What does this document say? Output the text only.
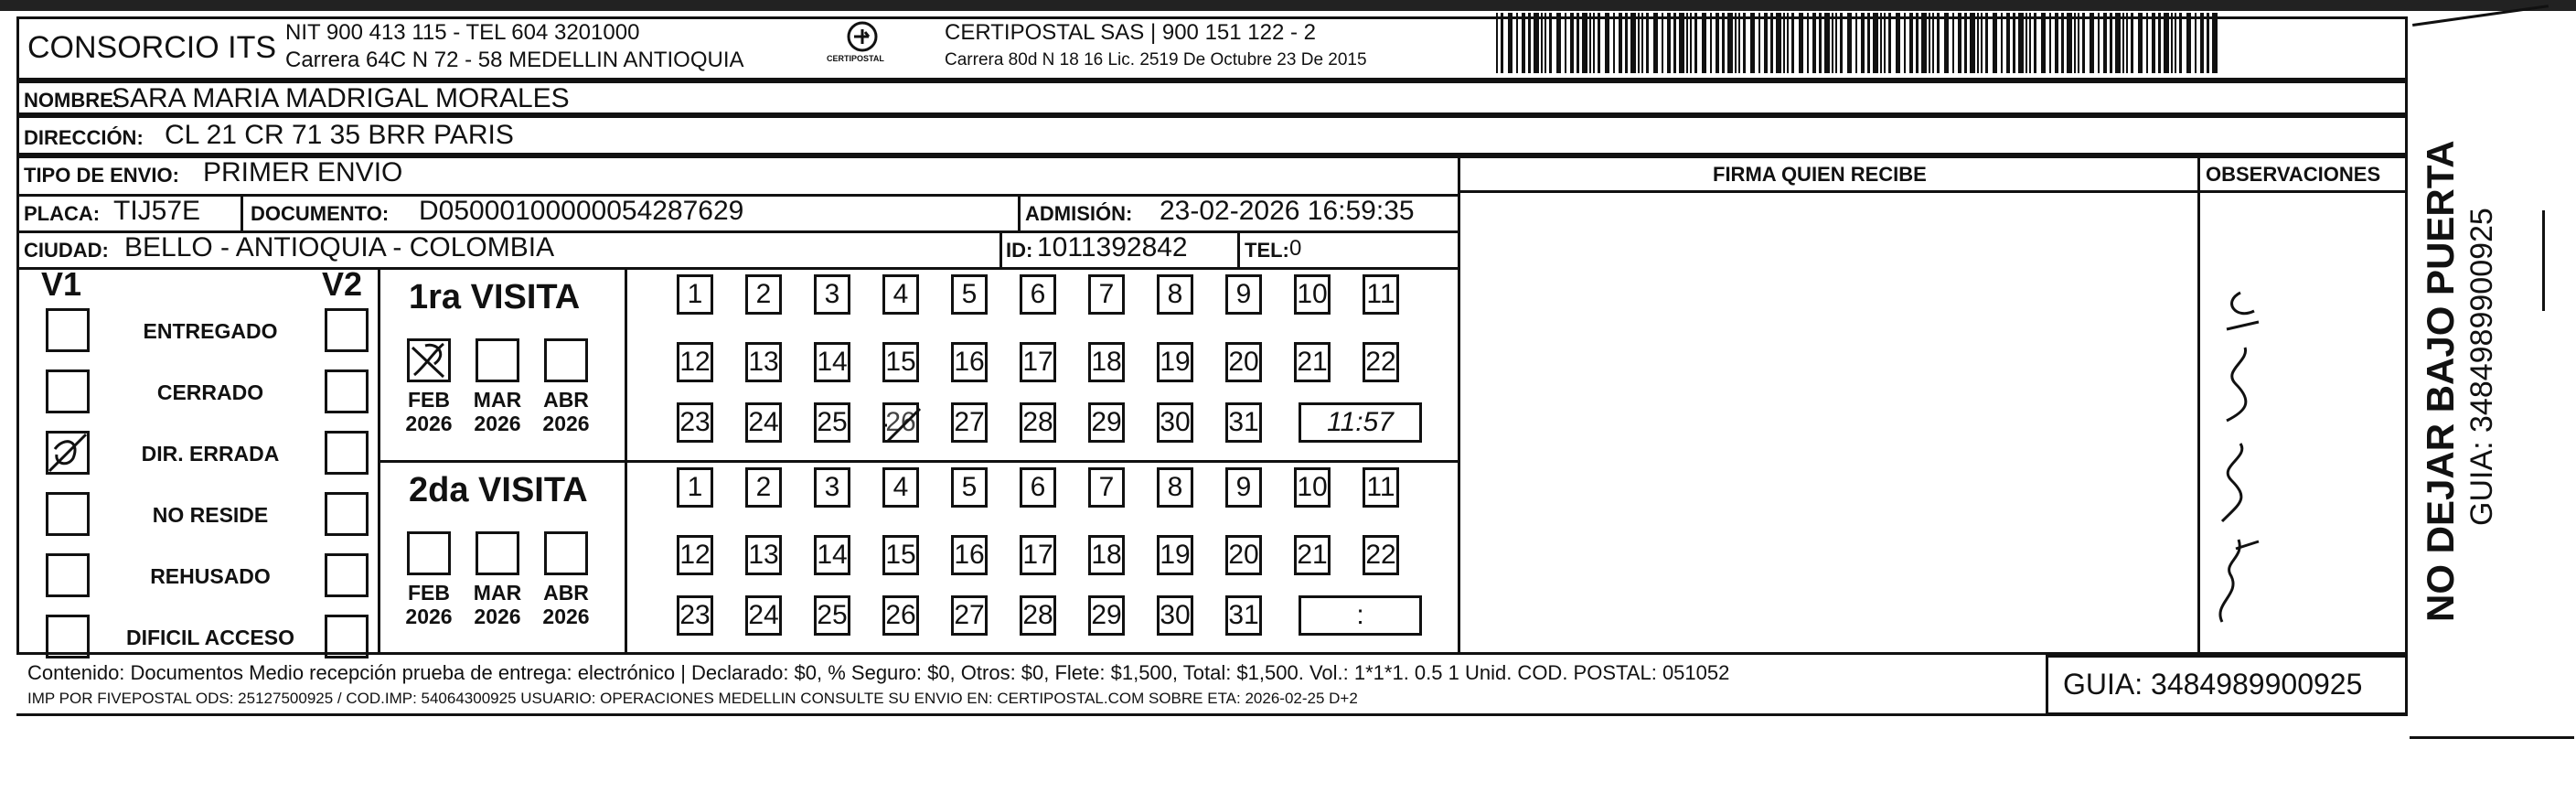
CONSORCIO ITS NIT 900 413 115 - TEL 604 3201000
Carrera 64C N 72 - 58 MEDELLIN ANTIOQUIA	CERTIPOSTAL
CERTIPOSTAL SAS | 900 151 122 - 2
Carrera 80d N 18 16 Lic. 2519 De Octubre 23 De 2015
NOMBRE:
SARA MARIA MADRIGAL MORALES
DIRECCIÓN: CL 21 CR 71 35 BRR PARIS
FIRMA QUIEN RECIBE	OBSERVACIONES
TIPO DE ENVIO: PRIMER ENVIO
PLACA: TIJ57E DOCUMENTO: D05000100000054287629	ADMISIÓN: 23-02-2026 16:59:35
CIUDAD: BELLO - ANTIOQUIA - COLOMBIA	ID: 1011392842	TEL: 0
V1	V2
ENTREGADO
CERRADO
DIR. ERRADA
NO RESIDE
REHUSADO
DIFICIL ACCESO
1ra VISITA
2da VISITA
FEB
2026
MAR
2026
ABR
2026
1	2	3	4	5	6	7	8	9	10 11
12 13 14 15 16 17 18 19 20 21 22
23 24 25 26 27 28 29 30 31	11:57
FEB
2026
MAR
2026
ABR
2026
1	2	3	4	5	6	7	8	9	10 11
12 13 14 15 16 17 18 19 20 21 22
23 24 25 26 27 28 29 30 31	:
Contenido: Documentos Medio recepción prueba de entrega: electrónico | Declarado: $0, % Seguro: $0, Otros: $0, Flete: $1,500, Total: $1,500. Vol.: 1*1*1. 0.5 1 Unid. COD. POSTAL: 051052
IMP POR FIVEPOSTAL ODS: 25127500925 / COD.IMP: 54064300925 USUARIO: OPERACIONES MEDELLIN CONSULTE SU ENVIO EN: CERTIPOSTAL.COM SOBRE ETA: 2026-02-25 D+2	GUIA: 3484989900925
NO DEJAR BAJO PUERTA GUIA: 3484989900925
